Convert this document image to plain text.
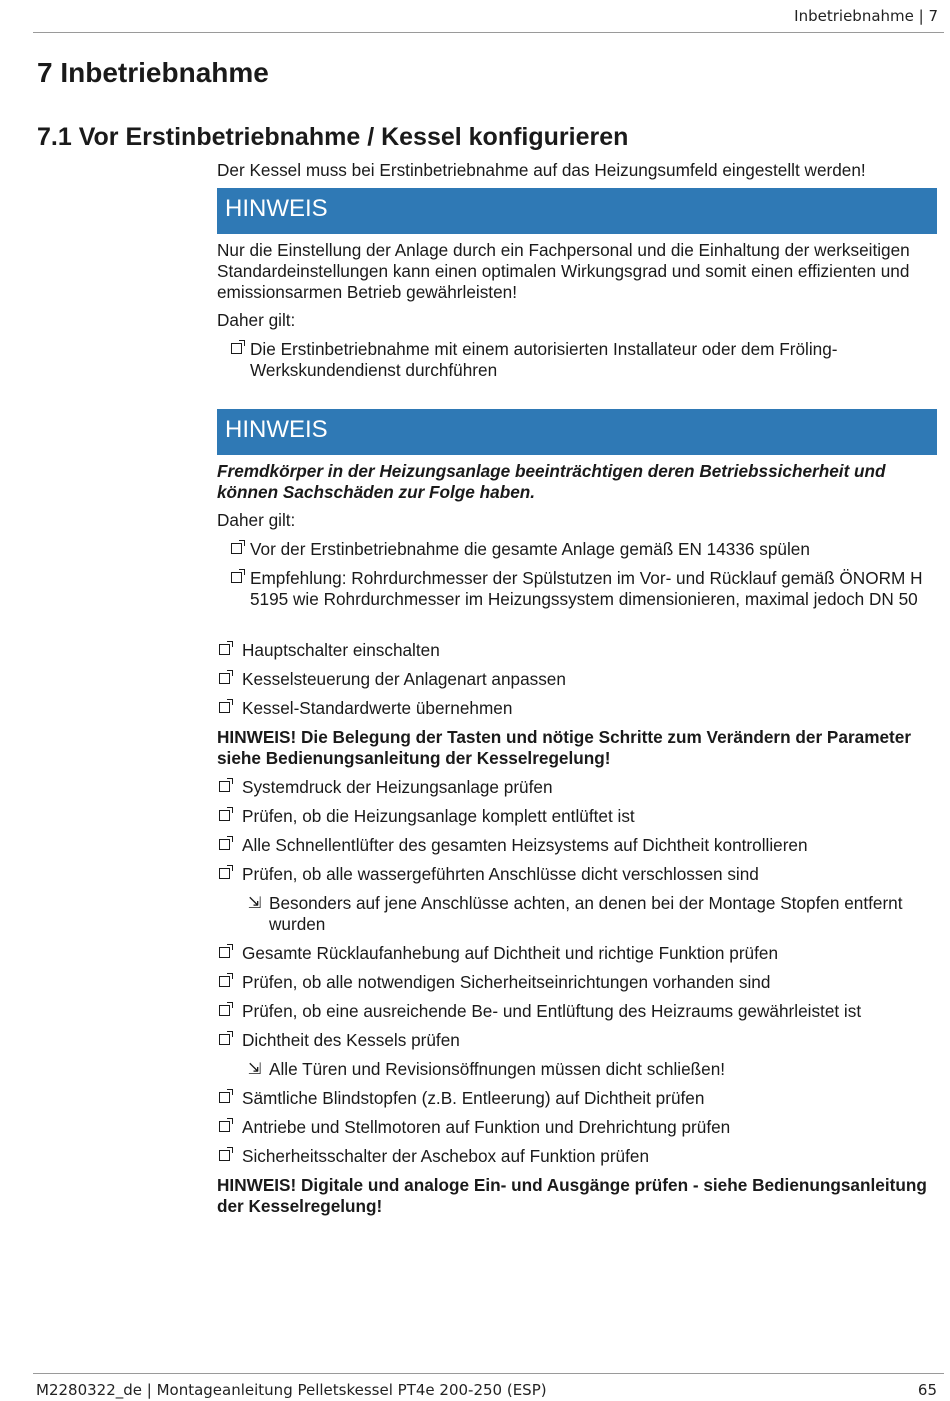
Inbetriebnahme | 7
7 Inbetriebnahme
7.1 Vor Erstinbetriebnahme / Kessel konfigurieren

Der Kessel muss bei Erstinbetriebnahme auf das Heizungsumfeld eingestellt werden!

HINWEIS

Nur die Einstellung der Anlage durch ein Fachpersonal und die Einhaltung der werkseitigen Standardeinstellungen kann einen optimalen Wirkungsgrad und somit einen effizienten und emissionsarmen Betrieb gewährleisten!

Daher gilt:

Die Erstinbetriebnahme mit einem autorisierten Installateur oder dem Fröling-Werkskundendienst durchführen
HINWEIS

Fremdkörper in der Heizungsanlage beeinträchtigen deren Betriebssicherheit und können Sachschäden zur Folge haben.

Daher gilt:

Vor der Erstinbetriebnahme die gesamte Anlage gemäß EN 14336 spülen
Empfehlung: Rohrdurchmesser der Spülstutzen im Vor- und Rücklauf gemäß ÖNORM H 5195 wie Rohrdurchmesser im Heizungssystem dimensionieren, maximal jedoch DN 50
Hauptschalter einschalten
Kesselsteuerung der Anlagenart anpassen
Kessel-Standardwerte übernehmen

HINWEIS! Die Belegung der Tasten und nötige Schritte zum Verändern der Parameter siehe Bedienungsanleitung der Kesselregelung!

Systemdruck der Heizungsanlage prüfen
Prüfen, ob die Heizungsanlage komplett entlüftet ist
Alle Schnellentlüfter des gesamten Heizsystems auf Dichtheit kontrollieren
Prüfen, ob alle wassergeführten Anschlüsse dicht verschlossen sind
⇲ Besonders auf jene Anschlüsse achten, an denen bei der Montage Stopfen entfernt wurden
Gesamte Rücklaufanhebung auf Dichtheit und richtige Funktion prüfen
Prüfen, ob alle notwendigen Sicherheitseinrichtungen vorhanden sind
Prüfen, ob eine ausreichende Be- und Entlüftung des Heizraums gewährleistet ist
Dichtheit des Kessels prüfen
⇲ Alle Türen und Revisionsöffnungen müssen dicht schließen!
Sämtliche Blindstopfen (z.B. Entleerung) auf Dichtheit prüfen
Antriebe und Stellmotoren auf Funktion und Drehrichtung prüfen
Sicherheitsschalter der Aschebox auf Funktion prüfen

HINWEIS! Digitale und analoge Ein- und Ausgänge prüfen - siehe Bedienungsanleitung der Kesselregelung!

M2280322_de | Montageanleitung Pelletskessel PT4e 200-250 (ESP)	65
